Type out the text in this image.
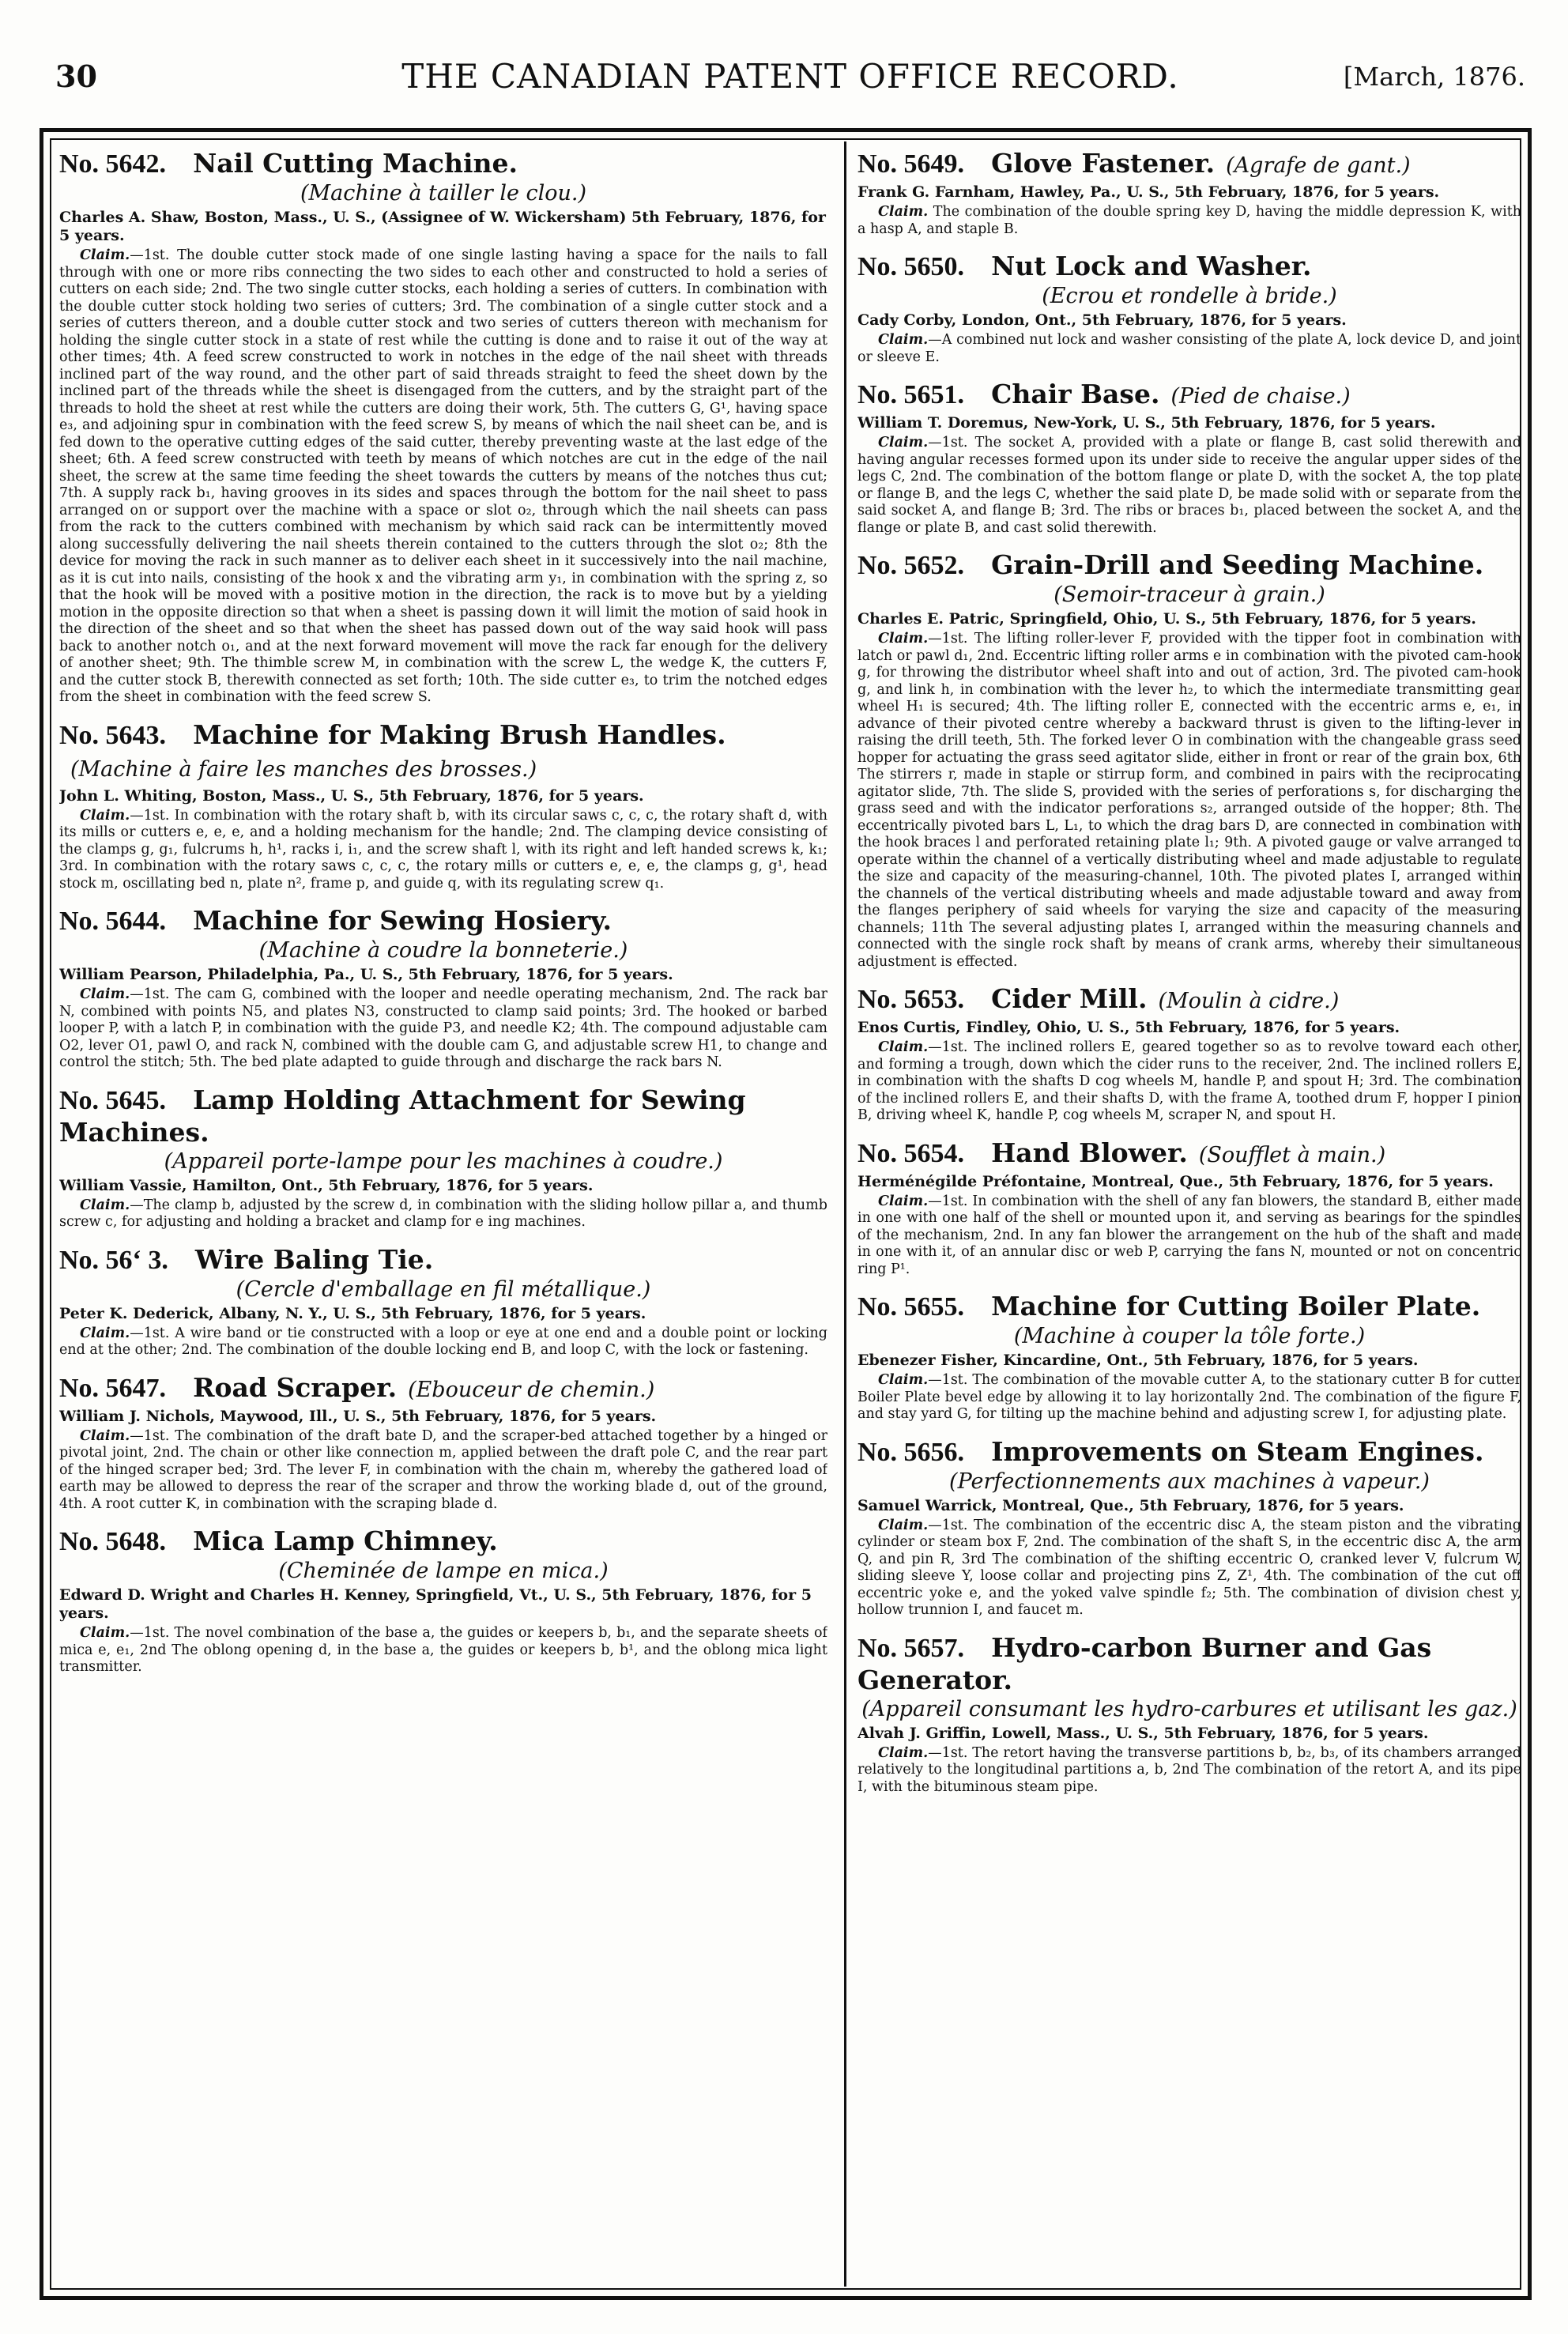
30	THE CANADIAN PATENT OFFICE RECORD.	[March, 1876.
No. 5642. Nail Cutting Machine.
(Machine à tailler le clou.)
Charles A. Shaw, Boston, Mass., U. S., (Assignee of W. Wickersham) 5th February, 1876, for 5 years.
Claim.—1st. The double cutter stock made of one single lasting having a space for the nails to fall through with one or more ribs connecting the two sides to each other and constructed to hold a series of cutters on each side; 2nd. The two single cutter stocks, each holding a series of cutters. In combination with the double cutter stock holding two series of cutters; 3rd. The combination of a single cutter stock and a series of cutters thereon, and a double cutter stock and two series of cutters thereon with mechanism for holding the single cutter stock in a state of rest while the cutting is done and to raise it out of the way at other times; 4th. A feed screw constructed to work in notches in the edge of the nail sheet with threads inclined part of the way round, and the other part of said threads straight to feed the sheet down by the inclined part of the threads while the sheet is disengaged from the cutters, and by the straight part of the threads to hold the sheet at rest while the cutters are doing their work, 5th. The cutters G, G¹, having space e₃, and adjoining spur in combination with the feed screw S, by means of which the nail sheet can be, and is fed down to the operative cutting edges of the said cutter, thereby preventing waste at the last edge of the sheet; 6th. A feed screw constructed with teeth by means of which notches are cut in the edge of the nail sheet, the screw at the same time feeding the sheet towards the cutters by means of the notches thus cut; 7th. A supply rack b₁, having grooves in its sides and spaces through the bottom for the nail sheet to pass arranged on or support over the machine with a space or slot o₂, through which the nail sheets can pass from the rack to the cutters combined with mechanism by which said rack can be intermittently moved along successfully delivering the nail sheets therein contained to the cutters through the slot o₂; 8th the device for moving the rack in such manner as to deliver each sheet in it successively into the nail machine, as it is cut into nails, consisting of the hook x and the vibrating arm y₁, in combination with the spring z, so that the hook will be moved with a positive motion in the direction, the rack is to move but by a yielding motion in the opposite direction so that when a sheet is passing down it will limit the motion of said hook in the direction of the sheet and so that when the sheet has passed down out of the way said hook will pass back to another notch o₁, and at the next forward movement will move the rack far enough for the delivery of another sheet; 9th. The thimble screw M, in combination with the screw L, the wedge K, the cutters F, and the cutter stock B, therewith connected as set forth; 10th. The side cutter e₃, to trim the notched edges from the sheet in combination with the feed screw S.
No. 5643. Machine for Making Brush Handles.(Machine à faire les manches des brosses.)
John L. Whiting, Boston, Mass., U. S., 5th February, 1876, for 5 years.
Claim.—1st. In combination with the rotary shaft b, with its circular saws c, c, c, the rotary shaft d, with its mills or cutters e, e, e, and a holding mechanism for the handle; 2nd. The clamping device consisting of the clamps g, g₁, fulcrums h, h¹, racks i, i₁, and the screw shaft l, with its right and left handed screws k, k₁; 3rd. In combination with the rotary saws c, c, c, the rotary mills or cutters e, e, e, the clamps g, g¹, head stock m, oscillating bed n, plate n², frame p, and guide q, with its regulating screw q₁.
No. 5644. Machine for Sewing Hosiery.
(Machine à coudre la bonneterie.)
William Pearson, Philadelphia, Pa., U. S., 5th February, 1876, for 5 years.
Claim.—1st. The cam G, combined with the looper and needle operating mechanism, 2nd. The rack bar N, combined with points N5, and plates N3, constructed to clamp said points; 3rd. The hooked or barbed looper P, with a latch P, in combination with the guide P3, and needle K2; 4th. The compound adjustable cam O2, lever O1, pawl O, and rack N, combined with the double cam G, and adjustable screw H1, to change and control the stitch; 5th. The bed plate adapted to guide through and discharge the rack bars N.
No. 5645. Lamp Holding Attachment for Sewing Machines.
(Appareil porte-lampe pour les machines à coudre.)
William Vassie, Hamilton, Ont., 5th February, 1876, for 5 years.
Claim.—The clamp b, adjusted by the screw d, in combination with the sliding hollow pillar a, and thumb screw c, for adjusting and holding a bracket and clamp for e ing machines.
No. 56‘ 3. Wire Baling Tie.
(Cercle d'emballage en fil métallique.)
Peter K. Dederick, Albany, N. Y., U. S., 5th February, 1876, for 5 years.
Claim.—1st. A wire band or tie constructed with a loop or eye at one end and a double point or locking end at the other; 2nd. The combination of the double locking end B, and loop C, with the lock or fastening.
No. 5647. Road Scraper. (Ebouceur de chemin.)
William J. Nichols, Maywood, Ill., U. S., 5th February, 1876, for 5 years.
Claim.—1st. The combination of the draft bate D, and the scraper-bed attached together by a hinged or pivotal joint, 2nd. The chain or other like connection m, applied between the draft pole C, and the rear part of the hinged scraper bed; 3rd. The lever F, in combination with the chain m, whereby the gathered load of earth may be allowed to depress the rear of the scraper and throw the working blade d, out of the ground, 4th. A root cutter K, in combination with the scraping blade d.
No. 5648. Mica Lamp Chimney.
(Cheminée de lampe en mica.)
Edward D. Wright and Charles H. Kenney, Springfield, Vt., U. S., 5th February, 1876, for 5 years.
Claim.—1st. The novel combination of the base a, the guides or keepers b, b₁, and the separate sheets of mica e, e₁, 2nd The oblong opening d, in the base a, the guides or keepers b, b¹, and the oblong mica light transmitter.
No. 5649. Glove Fastener. (Agrafe de gant.)
Frank G. Farnham, Hawley, Pa., U. S., 5th February, 1876, for 5 years.
Claim. The combination of the double spring key D, having the middle depression K, with a hasp A, and staple B.
No. 5650. Nut Lock and Washer.
(Ecrou et rondelle à bride.)
Cady Corby, London, Ont., 5th February, 1876, for 5 years.
Claim.—A combined nut lock and washer consisting of the plate A, lock device D, and joint or sleeve E.
No. 5651. Chair Base. (Pied de chaise.)
William T. Doremus, New-York, U. S., 5th February, 1876, for 5 years.
Claim.—1st. The socket A, provided with a plate or flange B, cast solid therewith and having angular recesses formed upon its under side to receive the angular upper sides of the legs C, 2nd. The combination of the bottom flange or plate D, with the socket A, the top plate or flange B, and the legs C, whether the said plate D, be made solid with or separate from the said socket A, and flange B; 3rd. The ribs or braces b₁, placed between the socket A, and the flange or plate B, and cast solid therewith.
No. 5652. Grain-Drill and Seeding Machine.
(Semoir-traceur à grain.)
Charles E. Patric, Springfield, Ohio, U. S., 5th February, 1876, for 5 years.
Claim.—1st. The lifting roller-lever F, provided with the tipper foot in combination with latch or pawl d₁, 2nd. Eccentric lifting roller arms e in combination with the pivoted cam-hook g, for throwing the distributor wheel shaft into and out of action, 3rd. The pivoted cam-hook g, and link h, in combination with the lever h₂, to which the intermediate transmitting gear wheel H₁ is secured; 4th. The lifting roller E, connected with the eccentric arms e, e₁, in advance of their pivoted centre whereby a backward thrust is given to the lifting-lever in raising the drill teeth, 5th. The forked lever O in combination with the changeable grass seed hopper for actuating the grass seed agitator slide, either in front or rear of the grain box, 6th The stirrers r, made in staple or stirrup form, and combined in pairs with the reciprocating agitator slide, 7th. The slide S, provided with the series of perforations s, for discharging the grass seed and with the indicator perforations s₂, arranged outside of the hopper; 8th. The eccentrically pivoted bars L, L₁, to which the drag bars D, are connected in combination with the hook braces l and perforated retaining plate l₁; 9th. A pivoted gauge or valve arranged to operate within the channel of a vertically distributing wheel and made adjustable to regulate the size and capacity of the measuring-channel, 10th. The pivoted plates I, arranged within the channels of the vertical distributing wheels and made adjustable toward and away from the flanges periphery of said wheels for varying the size and capacity of the measuring channels; 11th The several adjusting plates I, arranged within the measuring channels and connected with the single rock shaft by means of crank arms, whereby their simultaneous adjustment is effected.
No. 5653. Cider Mill. (Moulin à cidre.)
Enos Curtis, Findley, Ohio, U. S., 5th February, 1876, for 5 years.
Claim.—1st. The inclined rollers E, geared together so as to revolve toward each other, and forming a trough, down which the cider runs to the receiver, 2nd. The inclined rollers E, in combination with the shafts D cog wheels M, handle P, and spout H; 3rd. The combination of the inclined rollers E, and their shafts D, with the frame A, toothed drum F, hopper I pinion B, driving wheel K, handle P, cog wheels M, scraper N, and spout H.
No. 5654. Hand Blower. (Soufflet à main.)
Herménégilde Préfontaine, Montreal, Que., 5th February, 1876, for 5 years.
Claim.—1st. In combination with the shell of any fan blowers, the standard B, either made in one with one half of the shell or mounted upon it, and serving as bearings for the spindles of the mechanism, 2nd. In any fan blower the arrangement on the hub of the shaft and made in one with it, of an annular disc or web P, carrying the fans N, mounted or not on concentric ring P¹.
No. 5655. Machine for Cutting Boiler Plate.
(Machine à couper la tôle forte.)
Ebenezer Fisher, Kincardine, Ont., 5th February, 1876, for 5 years.
Claim.—1st. The combination of the movable cutter A, to the stationary cutter B for cutter Boiler Plate bevel edge by allowing it to lay horizontally 2nd. The combination of the figure F, and stay yard G, for tilting up the machine behind and adjusting screw I, for adjusting plate.
No. 5656. Improvements on Steam Engines.
(Perfectionnements aux machines à vapeur.)
Samuel Warrick, Montreal, Que., 5th February, 1876, for 5 years.
Claim.—1st. The combination of the eccentric disc A, the steam piston and the vibrating cylinder or steam box F, 2nd. The combination of the shaft S, in the eccentric disc A, the arm Q, and pin R, 3rd The combination of the shifting eccentric O, cranked lever V, fulcrum W, sliding sleeve Y, loose collar and projecting pins Z, Z¹, 4th. The combination of the cut off eccentric yoke e, and the yoked valve spindle f₂; 5th. The combination of division chest y, hollow trunnion I, and faucet m.
No. 5657. Hydro-carbon Burner and Gas Generator.
(Appareil consumant les hydro-carbures et utilisant les gaz.)
Alvah J. Griffin, Lowell, Mass., U. S., 5th February, 1876, for 5 years.
Claim.—1st. The retort having the transverse partitions b, b₂, b₃, of its chambers arranged relatively to the longitudinal partitions a, b, 2nd The combination of the retort A, and its pipe I, with the bituminous steam pipe.
